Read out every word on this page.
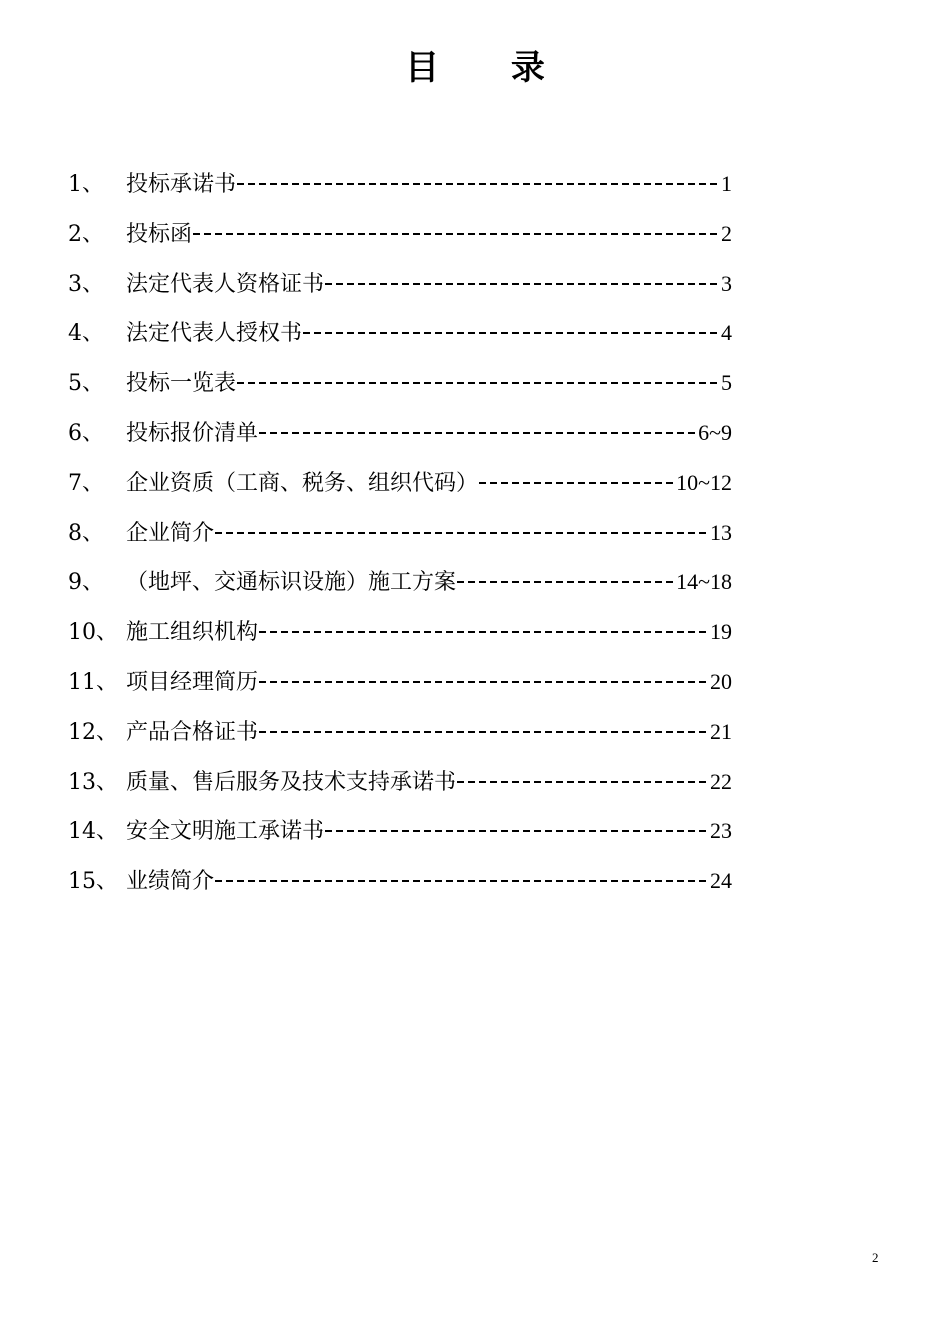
目 录
1、	投标承诺书	1
2、	投标函	2
3、	法定代表人资格证书	3
4、	法定代表人授权书	4
5、	投标一览表	5
6、	投标报价清单	6~9
7、	企业资质（工商、税务、组织代码）	10~12
8、	企业简介	13
9、	（地坪、交通标识设施）施工方案	14~18
10、 施工组织机构	19
11、 项目经理简历	20
12、 产品合格证书	21
13、 质量、售后服务及技术支持承诺书	22
14、 安全文明施工承诺书	23
15、 业绩简介	24
2
